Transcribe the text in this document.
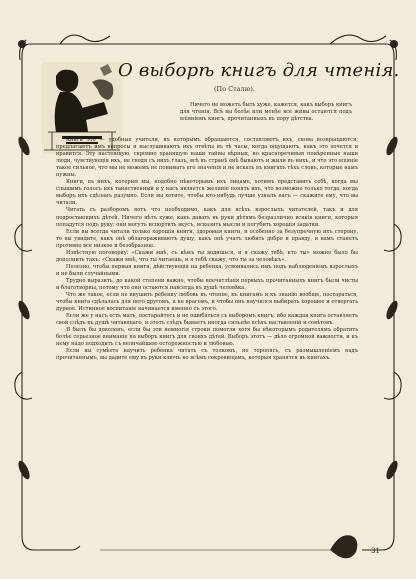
О выборѣ книгъ для чтенія.
(По Сталю).

Ничего не можетъ быть хуже, кажется, какъ выборъ книгъ для чтенія. Всѣ вы болѣе или менѣе все живы остаются подъ вліяніемъ книгъ, прочитанныхъ въ пору дѣтства.

Книги это — удобные учители, къ которымъ обращаются, составляютъ ихъ, снова возвращаются; предлагаютъ имъ вопросы и выслушиваютъ ихъ отвѣты въ тѣ часы, когда ощущаютъ, какъ это хочется и нравится. Эту настоящую, скромно хранящую наши тайны вѣрныя, но красноречивыя поиѣренные наши люди, чувствующія ихъ, не сводя съ нихъ глазъ, всѣ въ странѣ онѣ бываютъ и жили въ нихъ, и что это вліяніе такое сильное, что мы не можемъ не понимать его значенія и не искать въ книгахъ тѣхъ словъ, которые намъ нужны.

Книги, въ нихъ, которыя мы, подобно нѣкоторымъ ихъ лицамъ, хотимъ представить себѣ, когда мы слышимъ голосъ ихъ таинственный и у насъ является желаніе понять ихъ, что возможно только тогда, когда выборъ ихъ сдѣланъ разумно. Если вы хотите, чтобы кто-нибудь лучше узналъ васъ — скажите ему, что вы читали.

Читать съ разборомъ вотъ что необходимо, какъ для всѣхъ взрослыхъ читателей, такъ и для подростающихъ дѣтей. Ничего нѣтъ хуже, какъ давать въ руки дѣтямъ безразлично всякія книги, которыя попадутся подъ руку: они могутъ испортить вкусъ, исказить мысли и погубить хорошія задатки.

Если вы всегда читали только хорошія книги, здоровыя книги, и особенно за безупречную ихъ сторону, то вы увидите, какъ онѣ облагораживаютъ душу, какъ онѣ учатъ любить добро и правду, и вамъ станетъ противно все низкое и безобразное.

Извѣстную поговорку: «Скажи мнѣ, съ кѣмъ ты водишься, и я скажу тебѣ, кто ты» можно было бы дополнить такъ: «Скажи мнѣ, что ты читаешь, и я тебѣ скажу, что ты за человѣкъ».

Полезно, чтобы первыя книги, дѣйствующія на ребенка, усвоивались имъ подъ наблюденіемъ взрослыхъ и не были случайными.

Трудно выразить, до какой степени важно, чтобы впечатлѣнія первыхъ прочитанныхъ книгъ были чисты и благотворны, потому что они остаются навсегда въ душѣ человѣка.

Что же такое, если не внушить ребенку любовь къ чтенію, къ книгамъ и къ знанію вообще, постараться, чтобы книга сдѣлалась для него другомъ, а не врагомъ, и чтобы онъ научился выбирать хорошее и отвергать дурное. Истинное воспитаніе начинается именно съ этого.

Если же у насъ есть мать, постарайтесь и не ошибаться съ выборомъ книгъ; ибо каждая книга оставляетъ свой слѣдъ въ душѣ читающаго, и этотъ слѣдъ бываетъ иногда сильнѣе всѣхъ наставленій и совѣтовъ.

Я былъ бы доволенъ, если бы эти немногія строки помогли хотя бы нѣкоторымъ родителямъ обратить болѣе серьезное вниманіе на выборъ книгъ для своихъ дѣтей. Выборъ этотъ — дѣло огромной важности, и къ нему надо подходить съ величайшею осторожностью и любовью.

Если вы сумѣете научить ребенка читать съ толкомъ, не торопясь, съ размышленіемъ надъ прочитаннымъ, вы дадите ему въ руки ключъ ко всѣмъ сокровищамъ, которыя хранятся въ книгахъ.

31
